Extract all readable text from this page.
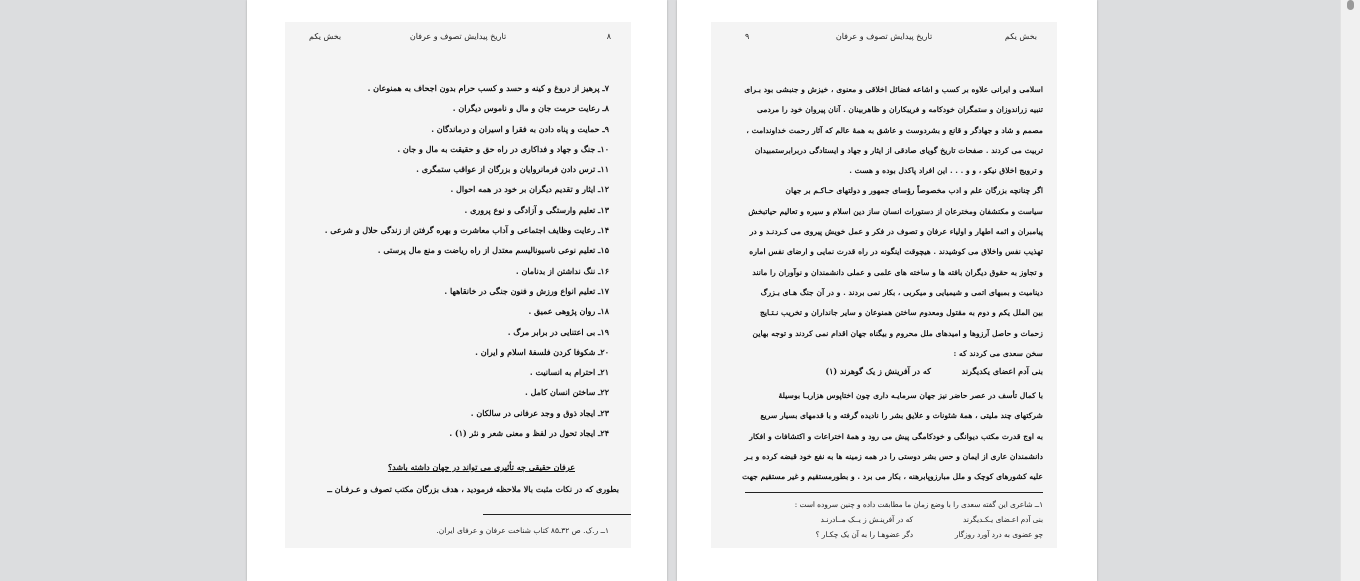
۸
تاریخ پیدایش تصوف و عرفان
بخش یکم
۷ـ پرهیز از دروغ و کینه و حسد و کسب حرام بدون اجحاف به همنوعان .
۸ـ رعایت حرمت جان و مال و ناموس دیگران .
۹ـ حمایت و پناه دادن به فقرا و اسیران و درماندگان .
۱۰ـ جنگ و جهاد و فداکاری در راه حق و حقیقت به مال و جان .
۱۱ـ ترس دادن فرمانروایان و بزرگان از عواقب ستمگری .
۱۲ـ ایثار و تقدیم دیگران بر خود در همه احوال .
۱۳ـ تعلیم وارستگی و آزادگی و نوع پروری .
۱۴ـ رعایت وظایف اجتماعی و آداب معاشرت و بهره گرفتن از زندگی حلال و شرعی .
۱۵ـ تعلیم نوعی ناسیونالیسم معتدل از راه ریاضت و منع مال پرستی .
۱۶ـ ننگ نداشتن از بدنامان .
۱۷ـ تعلیم انواع ورزش و فنون جنگی در خانقاهها .
۱۸ـ روان پژوهی عمیق .
۱۹ـ بی اعتنایی در برابر مرگ .
۲۰ـ شکوفا کردن فلسفهٔ اسلام و ایران .
۲۱ـ احترام به انسانیت .
۲۲ـ ساختن انسان کامل .
۲۳ـ ایجاد ذوق و وجد عرفانی در سالکان .
۲۴ـ ایجاد تحول در لفظ و معنی شعر و نثر (۱) .
عرفان حقیقی چه تأثیری می تواند در جهان داشته باشد؟
بطوری که در نکات مثبت بالا ملاحظه فرمودید ، هدف بزرگان مکتب تصوف و عـرفـان ــ
۱ــ ر.ک. ص ۳۲ـ۸۵ کتاب شناخت عرفان و عرفای ایران.
۹	تاریخ پیدایش تصوف و عرفان	بخش یکم

اسلامی و ایرانی علاوه بر کسب و اشاعه فضائل اخلاقی و معنوی ، خیزش و جنبشی بود بـرای

تنبیه زراندوزان و ستمگران خودکامه و فریبکاران و ظاهربینان . آنان پیروان خود را مردمی

مصمم و شاد و جهادگر و قانع و بشردوست و عاشق به همهٔ عالم که آثار رحمت خداوندامت ،

تربیت می کردند . صفحات تاریخ گویای صادقی از ایثار و جهاد و ایستادگی دربرابرستمبیدان

و ترویج اخلاق نیکو ، و و . . . این افراد پاکدل بوده و هست .

اگر چنانچه بزرگان علم و ادب مخصوصاً رؤسای جمهور و دولتهای حـاکـم بر جهان

سیاست و مکتشفان ومخترعان از دستورات انسان ساز دین اسلام و سیره و تعالیم حیاتبخش

پیامبران و ائمه اطهار و اولیاء عرفان و تصوف در فکر و عمل خویش پیروی می کـردنـد و در

تهذیب نفس واخلاق می کوشیدند . هیچوقت اینگونه در راه قدرت نمایی و ارضای نفس اماره

و تجاوز به حقوق دیگران بافته ها و ساخته های علمی و عملی دانشمندان و نوآوران را مانند

دینامیت و بمبهای اتمی و شیمیایی و میکربی ، بکار نمی بردند . و در آن جنگ هـای بـزرگ

بین الملل یکم و دوم به مقتول ومعدوم ساختن همنوعان و سایر جانداران و تخریب نـتـایج

زحمات و حاصل آرزوها و امیدهای ملل محروم و بیگناه جهان اقدام نمی کردند و توجه بهاین

سخن سعدی می کردند که :

بنی آدم اعضای یکدیگرند
که در آفرینش ز یک گوهرند (۱)

با کمال تأسف در عصر حاضر نیز جهان سرمایـه داری چون اختاپوس هزاربـا بوسیلهٔ

شرکتهای چند ملیتی ، همهٔ شئونات و علایق بشر را نادیده گرفته و با قدمهای بسیار سریع

به اوج قدرت مکتب دیوانگی و خودکامگی پیش می رود و همهٔ اختراعات و اکتشافات و افکار

دانشمندان عاری از ایمان و حس بشر دوستی را در همه زمینه ها به نفع خود قبضه کرده و بـر

علیه کشورهای کوچک و ملل مبارزوپابرهنه ، بکار می برد . و بطورمستقیم و غیر مستقیم جهت

۱ــ شاعری این گفته سعدی را با وضع زمان ما مطابقت داده و چنین سروده است :
بنی آدم اعـضای یـکـدیگرند
که در آفرینـش ز یــک مــادرنـد
چو عضوی به درد آورد روزگار
دگر عضوهـا را به آن یک چکـار ؟
